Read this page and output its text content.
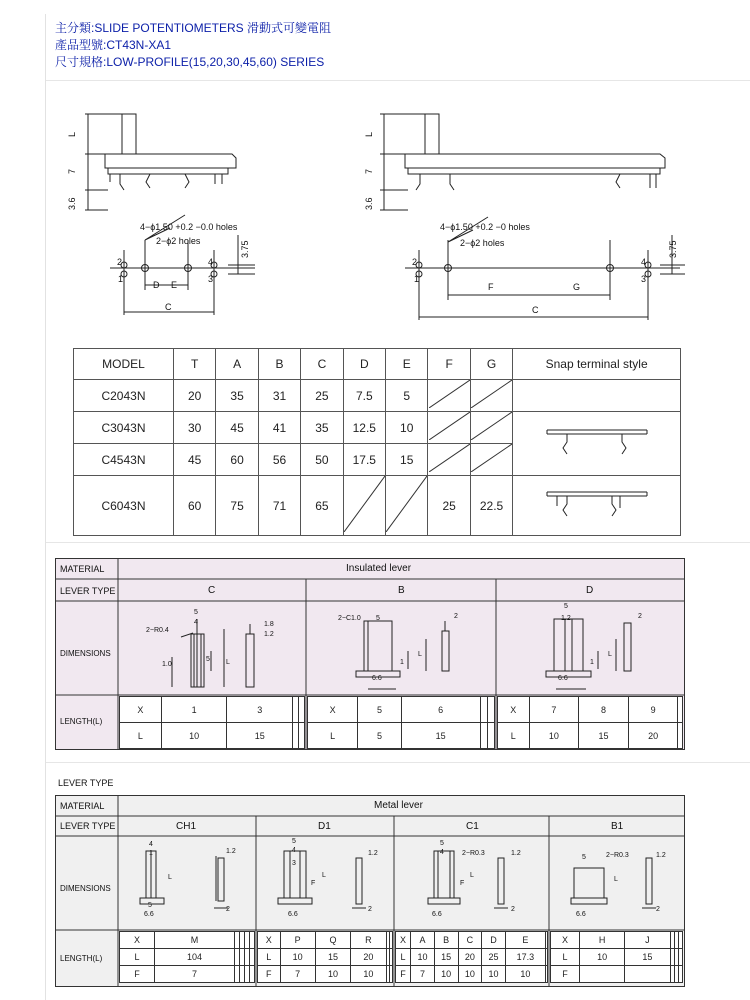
主分類:SLIDE POTENTIOMETERS 滑動式可變電阻
產品型號:CT43N-XA1
尺寸規格:LOW-PROFILE(15,20,30,45,60) SERIES
L
7
3.6
L
7
3.6
4−ϕ1.50 +0.2 −0.0 holes
2−ϕ2 holes	3.75
2
1
4
3
D E
C
4−ϕ1.50 +0.2 −0 holes
2−ϕ2 holes	3.75
2
1
4
3
F	G
C
MODEL	T	A	B	C	D	E	F	G	Snap terminal style
C2043N	20	35	31	25	7.5	5			
C3043N	30	45	41	35	12.5	10			
C4543N	45	60	56	50	17.5	15		
C6043N	60	75	71	65			25	22.5	
MATERIAL	Insulated lever
LEVER TYPE	C	B	D
DIMENSIONS
2−R0.4
5
4	1.8
1.2
1.0
5 L
2−C1.0 5	2
6.6
1
L
5
1.2	2
6.6
1
L
LENGTH(L)
X	1	3		
L	10	15		
X	5	6		
L	5	15		
X	7	8	9	
L	10	15	20	
LEVER TYPE
MATERIAL	Metal lever
LEVER TYPE	CH1	D1	C1	B1
DIMENSIONS
4
1	1.2
5
6.6
2
L
5
4
3
1.2
6.6
2
F
L
5
4	2−R0.3	1.2
6.6
2
F
L
5	2−R0.3	1.2
6.6
2
L
LENGTH(L)
X	M				
L	104				
F	7				
X	P	Q	R		
L	10	15	20		
F	7	10	10		
X	A	B	C	D	E	
L	10	15	20	25	17.3	
F	7	10	10	10	10	
X	H	J			
L	10	15			
F					
